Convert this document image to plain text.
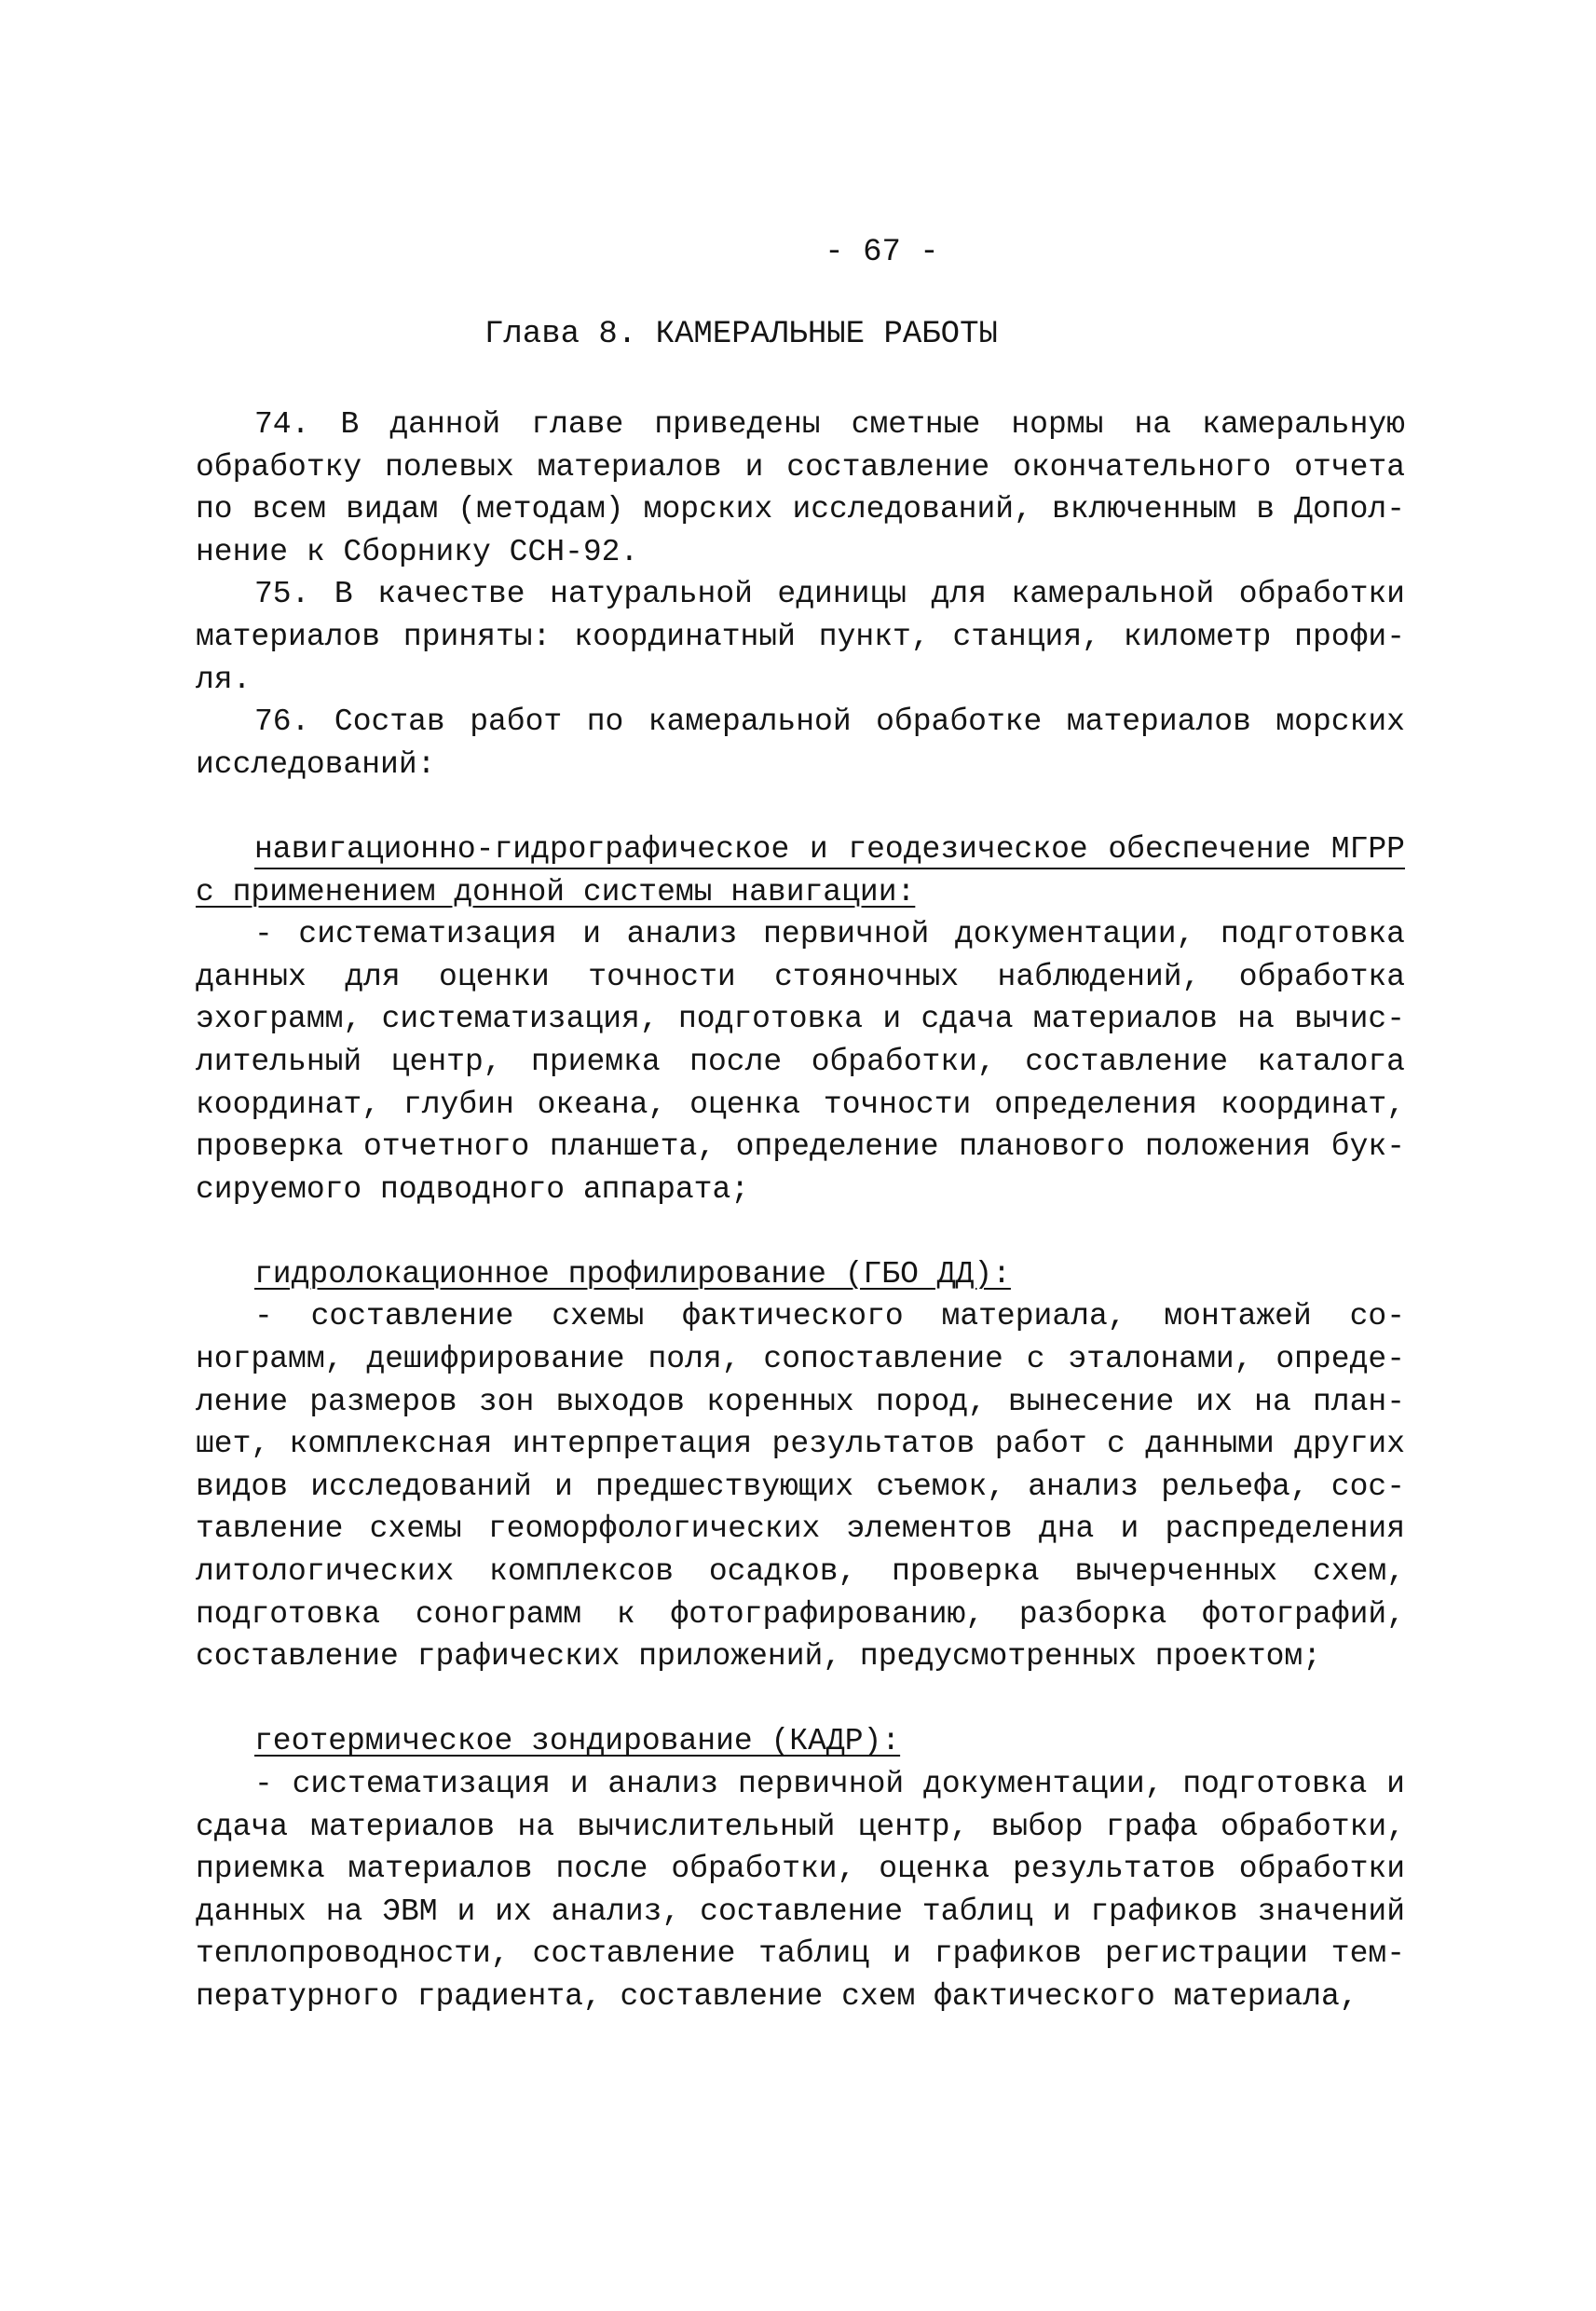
- 67 -
Глава 8. КАМЕРАЛЬНЫЕ РАБОТЫ
74. В данной главе приведены сметные нормы на камеральную
обработку полевых материалов и составление окончательного отчета
по всем видам (методам) морских исследований, включенным в Допол-
нение к Сборнику ССН-92.
75. В качестве натуральной единицы для камеральной обработки
материалов приняты: координатный пункт, станция, километр профи-
ля.
76. Состав работ по камеральной обработке материалов морских
исследований:
навигационно-гидрографическое и геодезическое обеспечение МГРР
с применением донной системы навигации:
- систематизация и анализ первичной документации, подготовка
данных для оценки точности стояночных наблюдений, обработка
эхограмм, систематизация, подготовка и сдача материалов на вычис-
лительный центр, приемка после обработки, составление каталога
координат, глубин океана, оценка точности определения координат,
проверка отчетного планшета, определение планового положения бук-
сируемого подводного аппарата;
гидролокационное профилирование (ГБО ДД):
- составление схемы фактического материала, монтажей со-
нограмм, дешифрирование поля, сопоставление с эталонами, опреде-
ление размеров зон выходов коренных пород, вынесение их на план-
шет, комплексная интерпретация результатов работ с данными других
видов исследований и предшествующих съемок, анализ рельефа, сос-
тавление схемы геоморфологических элементов дна и распределения
литологических комплексов осадков, проверка вычерченных схем,
подготовка сонограмм к фотографированию, разборка фотографий,
составление графических приложений, предусмотренных проектом;
геотермическое зондирование (КАДР):
- систематизация и анализ первичной документации, подготовка и
сдача материалов на вычислительный центр, выбор графа обработки,
приемка материалов после обработки, оценка результатов обработки
данных на ЭВМ и их анализ, составление таблиц и графиков значений
теплопроводности, составление таблиц и графиков регистрации тем-
пературного градиента, составление схем фактического материала,
